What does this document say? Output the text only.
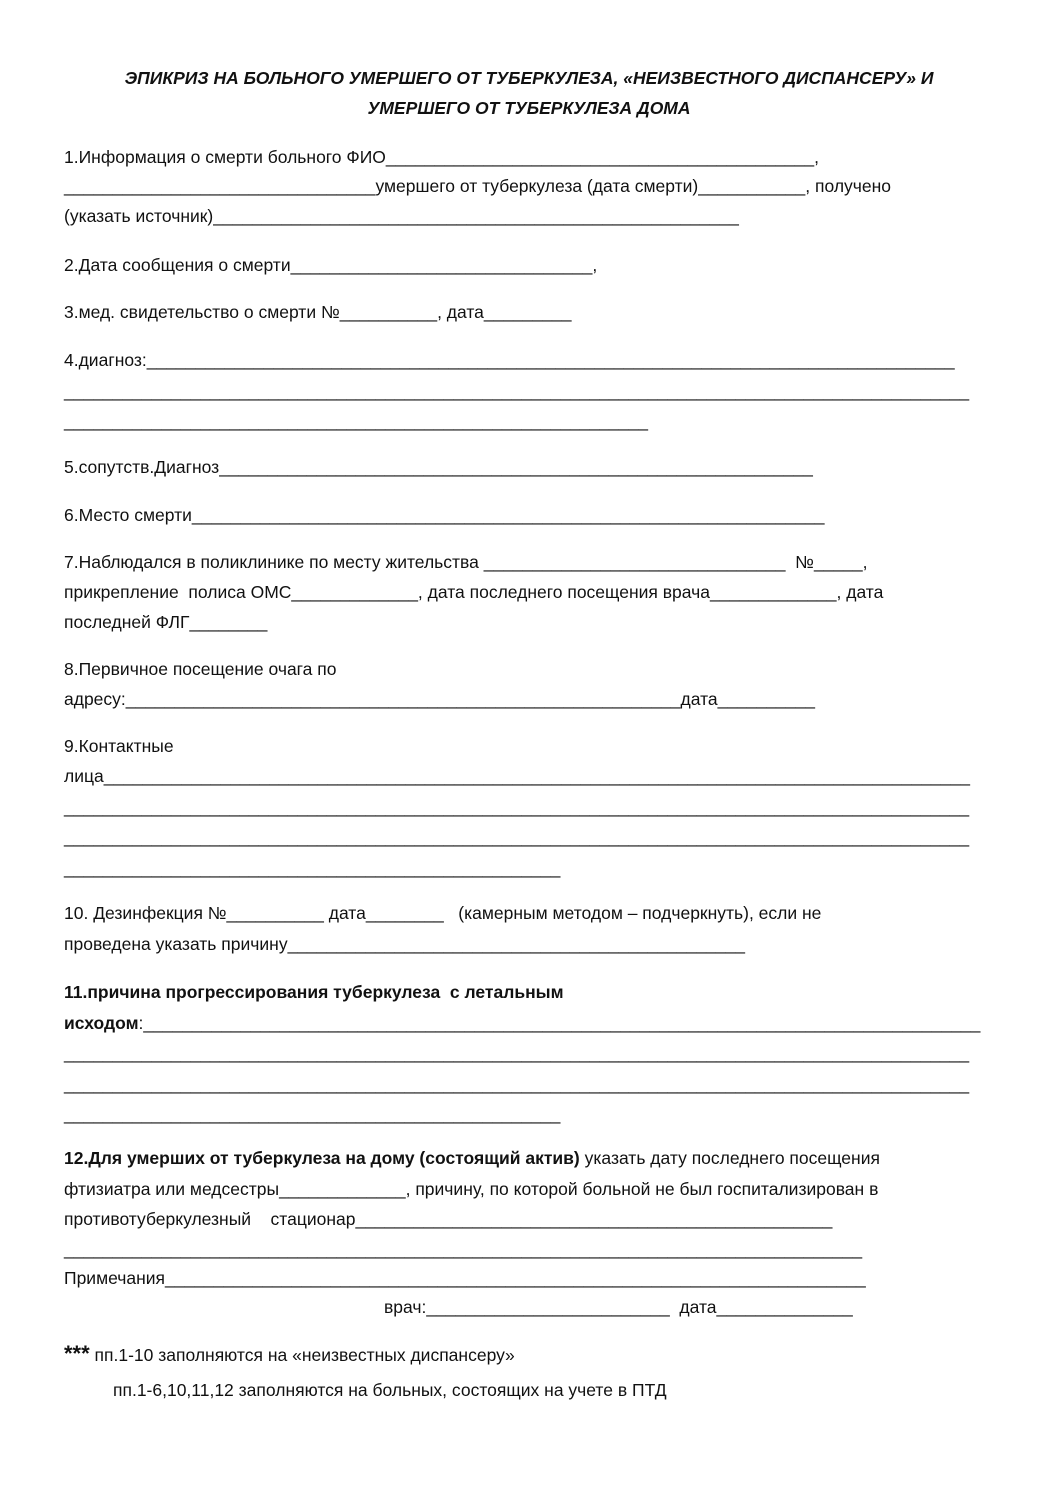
ЭПИКРИЗ НА БОЛЬНОГО УМЕРШЕГО ОТ ТУБЕРКУЛЕЗА, «НЕИЗВЕСТНОГО ДИСПАНСЕРУ» И
УМЕРШЕГО ОТ ТУБЕРКУЛЕЗА ДОМА
1.Информация о смерти больного ФИО____________________________________________,
________________________________умершего от туберкулеза (дата смерти)___________, получено
(указать источник)______________________________________________________
2.Дата сообщения о смерти_______________________________,
3.мед. свидетельство о смерти №__________, дата_________
4.диагноз:___________________________________________________________________________________
_____________________________________________________________________________________________
____________________________________________________________
5.сопутств.Диагноз_____________________________________________________________
6.Место смерти_________________________________________________________________
7.Наблюдался в поликлинике по месту жительства _______________________________  №_____,
прикрепление  полиса ОМС_____________, дата последнего посещения врача_____________, дата
последней ФЛГ________
8.Первичное посещение очага по
адресу:_________________________________________________________дата__________
9.Контактные
лица_________________________________________________________________________________________
_____________________________________________________________________________________________
_____________________________________________________________________________________________
___________________________________________________
10. Дезинфекция №__________ дата________   (камерным методом – подчеркнуть), если не
проведена указать причину_______________________________________________
11.причина прогрессирования туберкулеза  с летальным
исходом:______________________________________________________________________________________
_____________________________________________________________________________________________
_____________________________________________________________________________________________
___________________________________________________
12.Для умерших от туберкулеза на дому (состоящий актив) указать дату последнего посещения
фтизиатра или медсестры_____________, причину, по которой больной не был госпитализирован в
противотуберкулезный    стационар_________________________________________________
__________________________________________________________________________________
Примечания________________________________________________________________________
врач:_________________________  дата______________
*** пп.1-10 заполняются на «неизвестных диспансеру»
пп.1-6,10,11,12 заполняются на больных, состоящих на учете в ПТД
